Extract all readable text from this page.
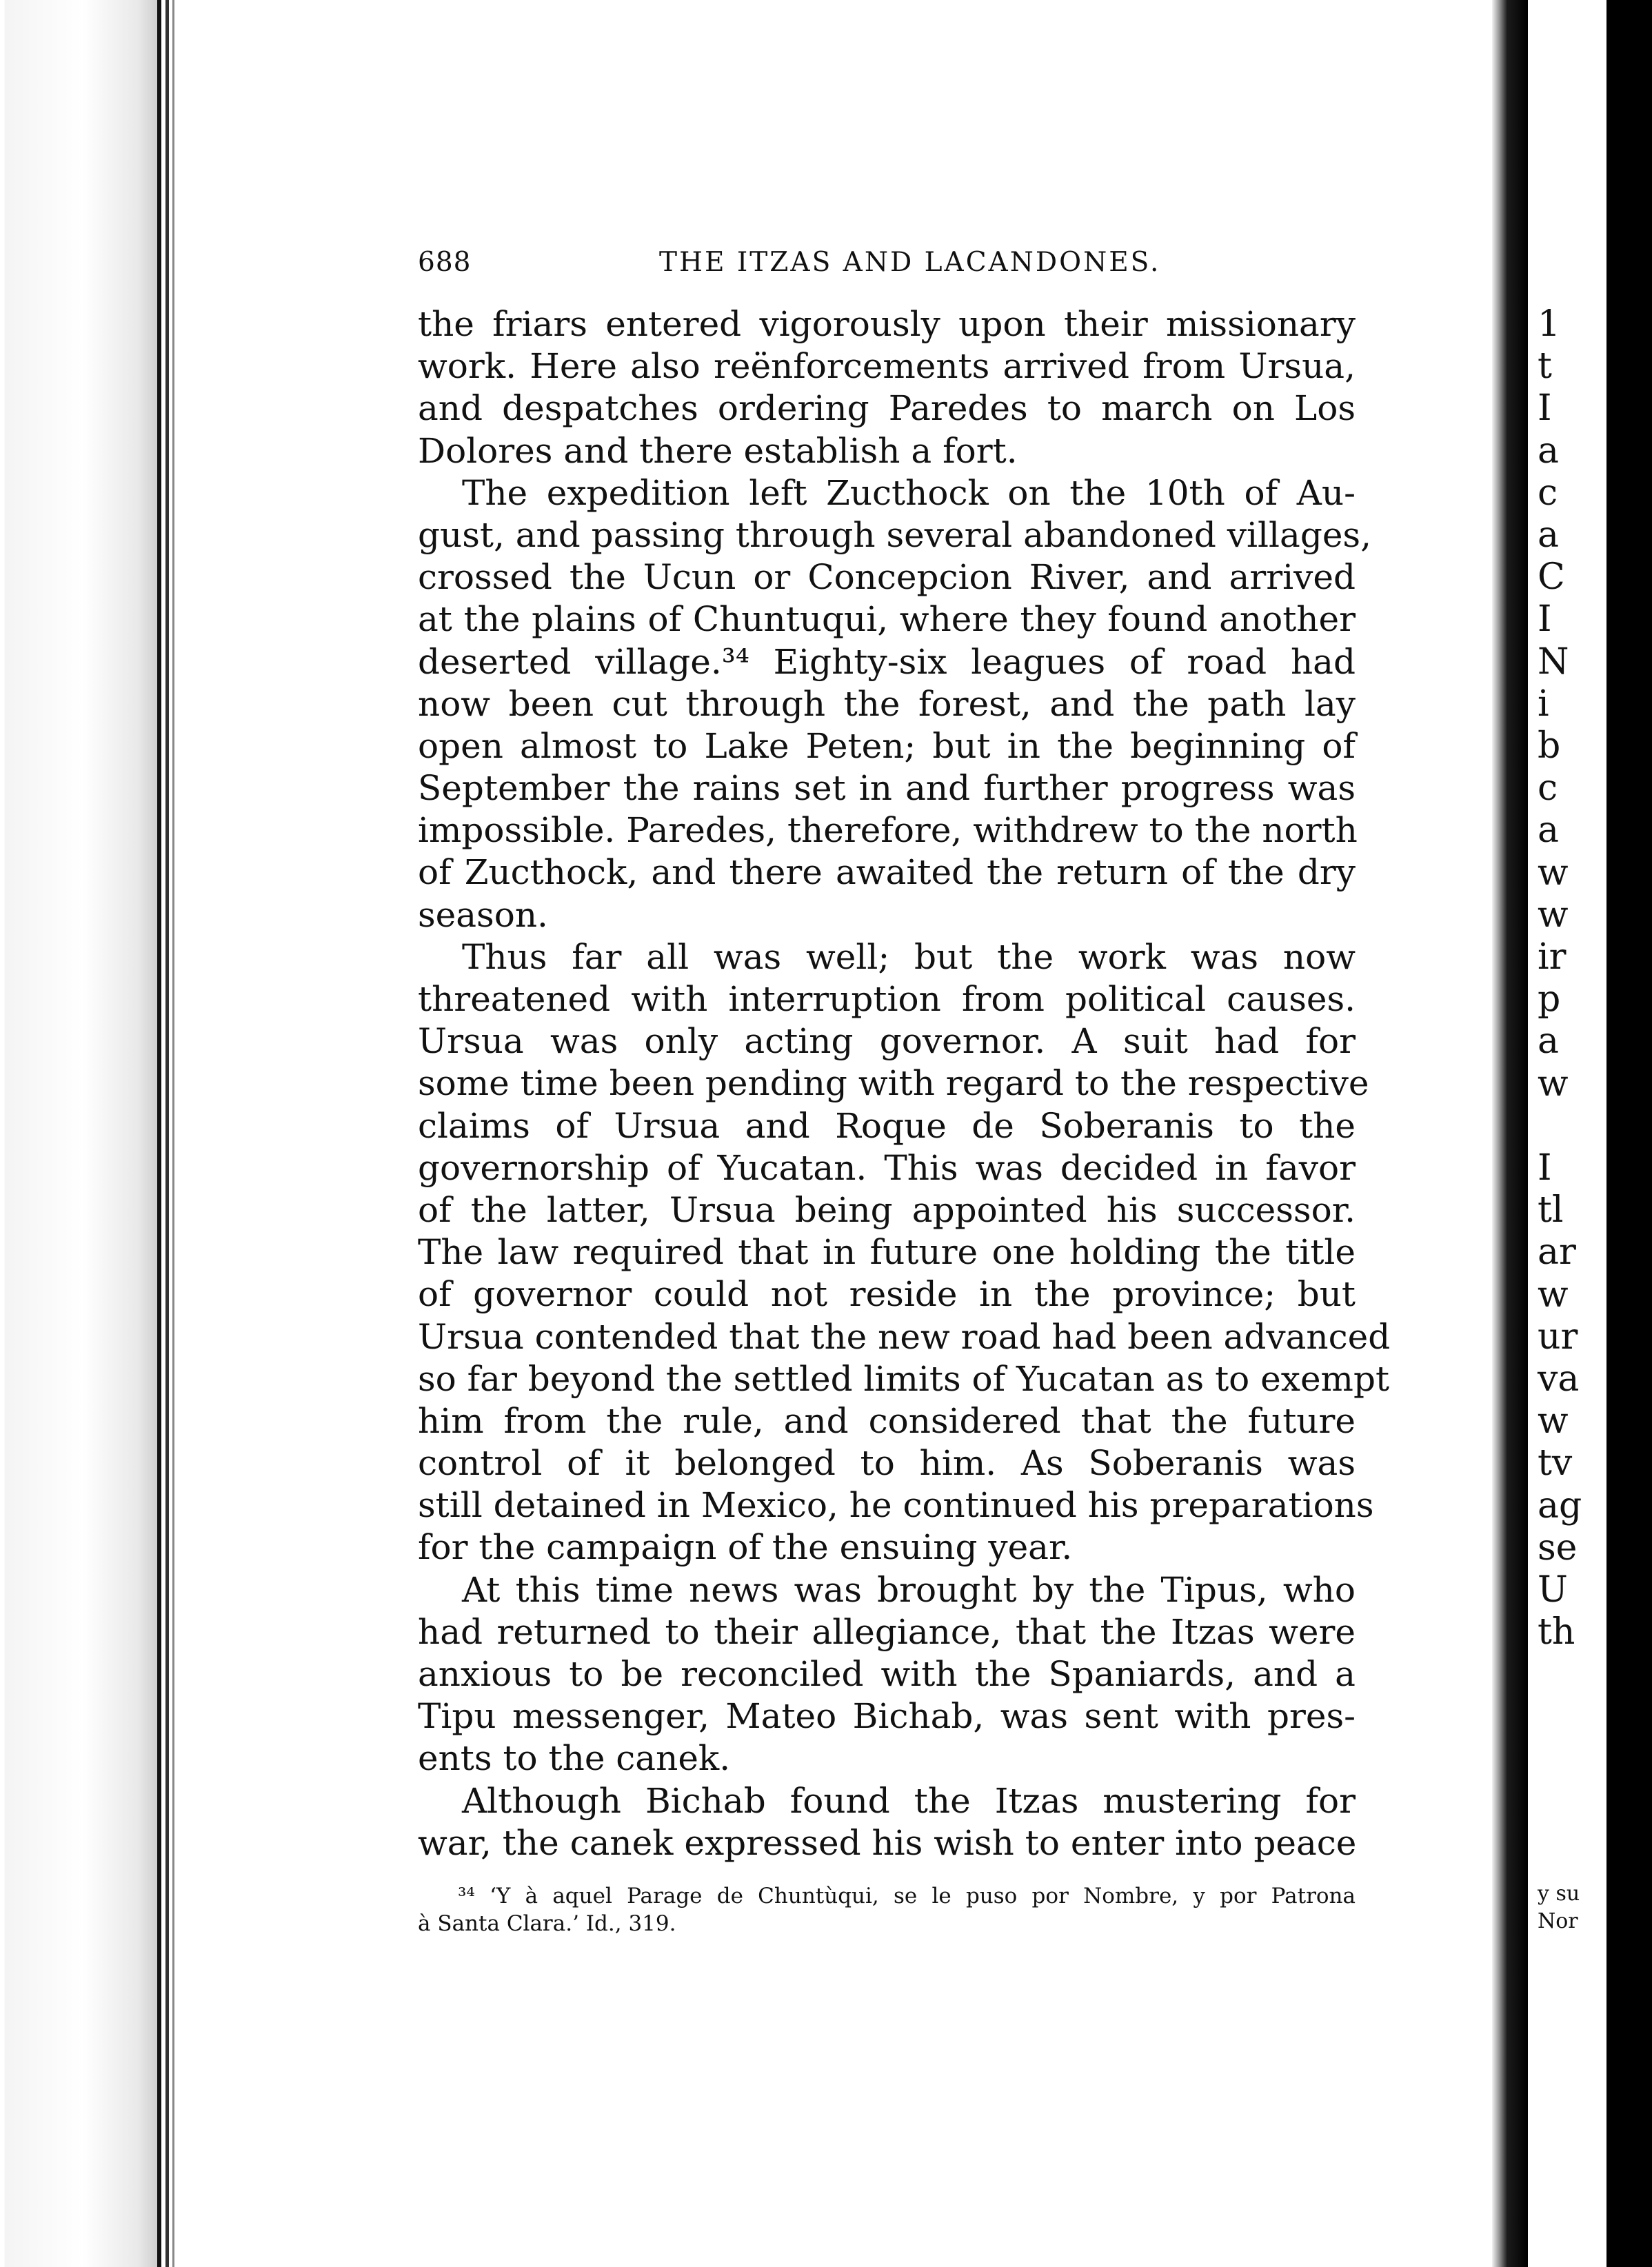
688	THE ITZAS AND LACANDONES.
the friars entered vigorously upon their missionary
work. Here also reënforcements arrived from Ursua,
and despatches ordering Paredes to march on Los
Dolores and there establish a fort.
The expedition left Zucthock on the 10th of Au-
gust, and passing through several abandoned villages,
crossed the Ucun or Concepcion River, and arrived
at the plains of Chuntuqui, where they found another
deserted village.³⁴ Eighty-six leagues of road had
now been cut through the forest, and the path lay
open almost to Lake Peten; but in the beginning of
September the rains set in and further progress was
impossible. Paredes, therefore, withdrew to the north
of Zucthock, and there awaited the return of the dry
season.
Thus far all was well; but the work was now
threatened with interruption from political causes.
Ursua was only acting governor. A suit had for
some time been pending with regard to the respective
claims of Ursua and Roque de Soberanis to the
governorship of Yucatan. This was decided in favor
of the latter, Ursua being appointed his successor.
The law required that in future one holding the title
of governor could not reside in the province; but
Ursua contended that the new road had been advanced
so far beyond the settled limits of Yucatan as to exempt
him from the rule, and considered that the future
control of it belonged to him. As Soberanis was
still detained in Mexico, he continued his preparations
for the campaign of the ensuing year.
At this time news was brought by the Tipus, who
had returned to their allegiance, that the Itzas were
anxious to be reconciled with the Spaniards, and a
Tipu messenger, Mateo Bichab, was sent with pres-
ents to the canek.
Although Bichab found the Itzas mustering for
war, the canek expressed his wish to enter into peace
³⁴ ‘Y à aquel Parage de Chuntùqui, se le puso por Nombre, y por Patrona
à Santa Clara.’ Id., 319.
1
t
I
a
c
a
C
I
N
i
b
c
a
w
w
ir
p
a
w
I
tl
ar
w
ur
va
w
tv
ag
se
U
th
y su
Nor
